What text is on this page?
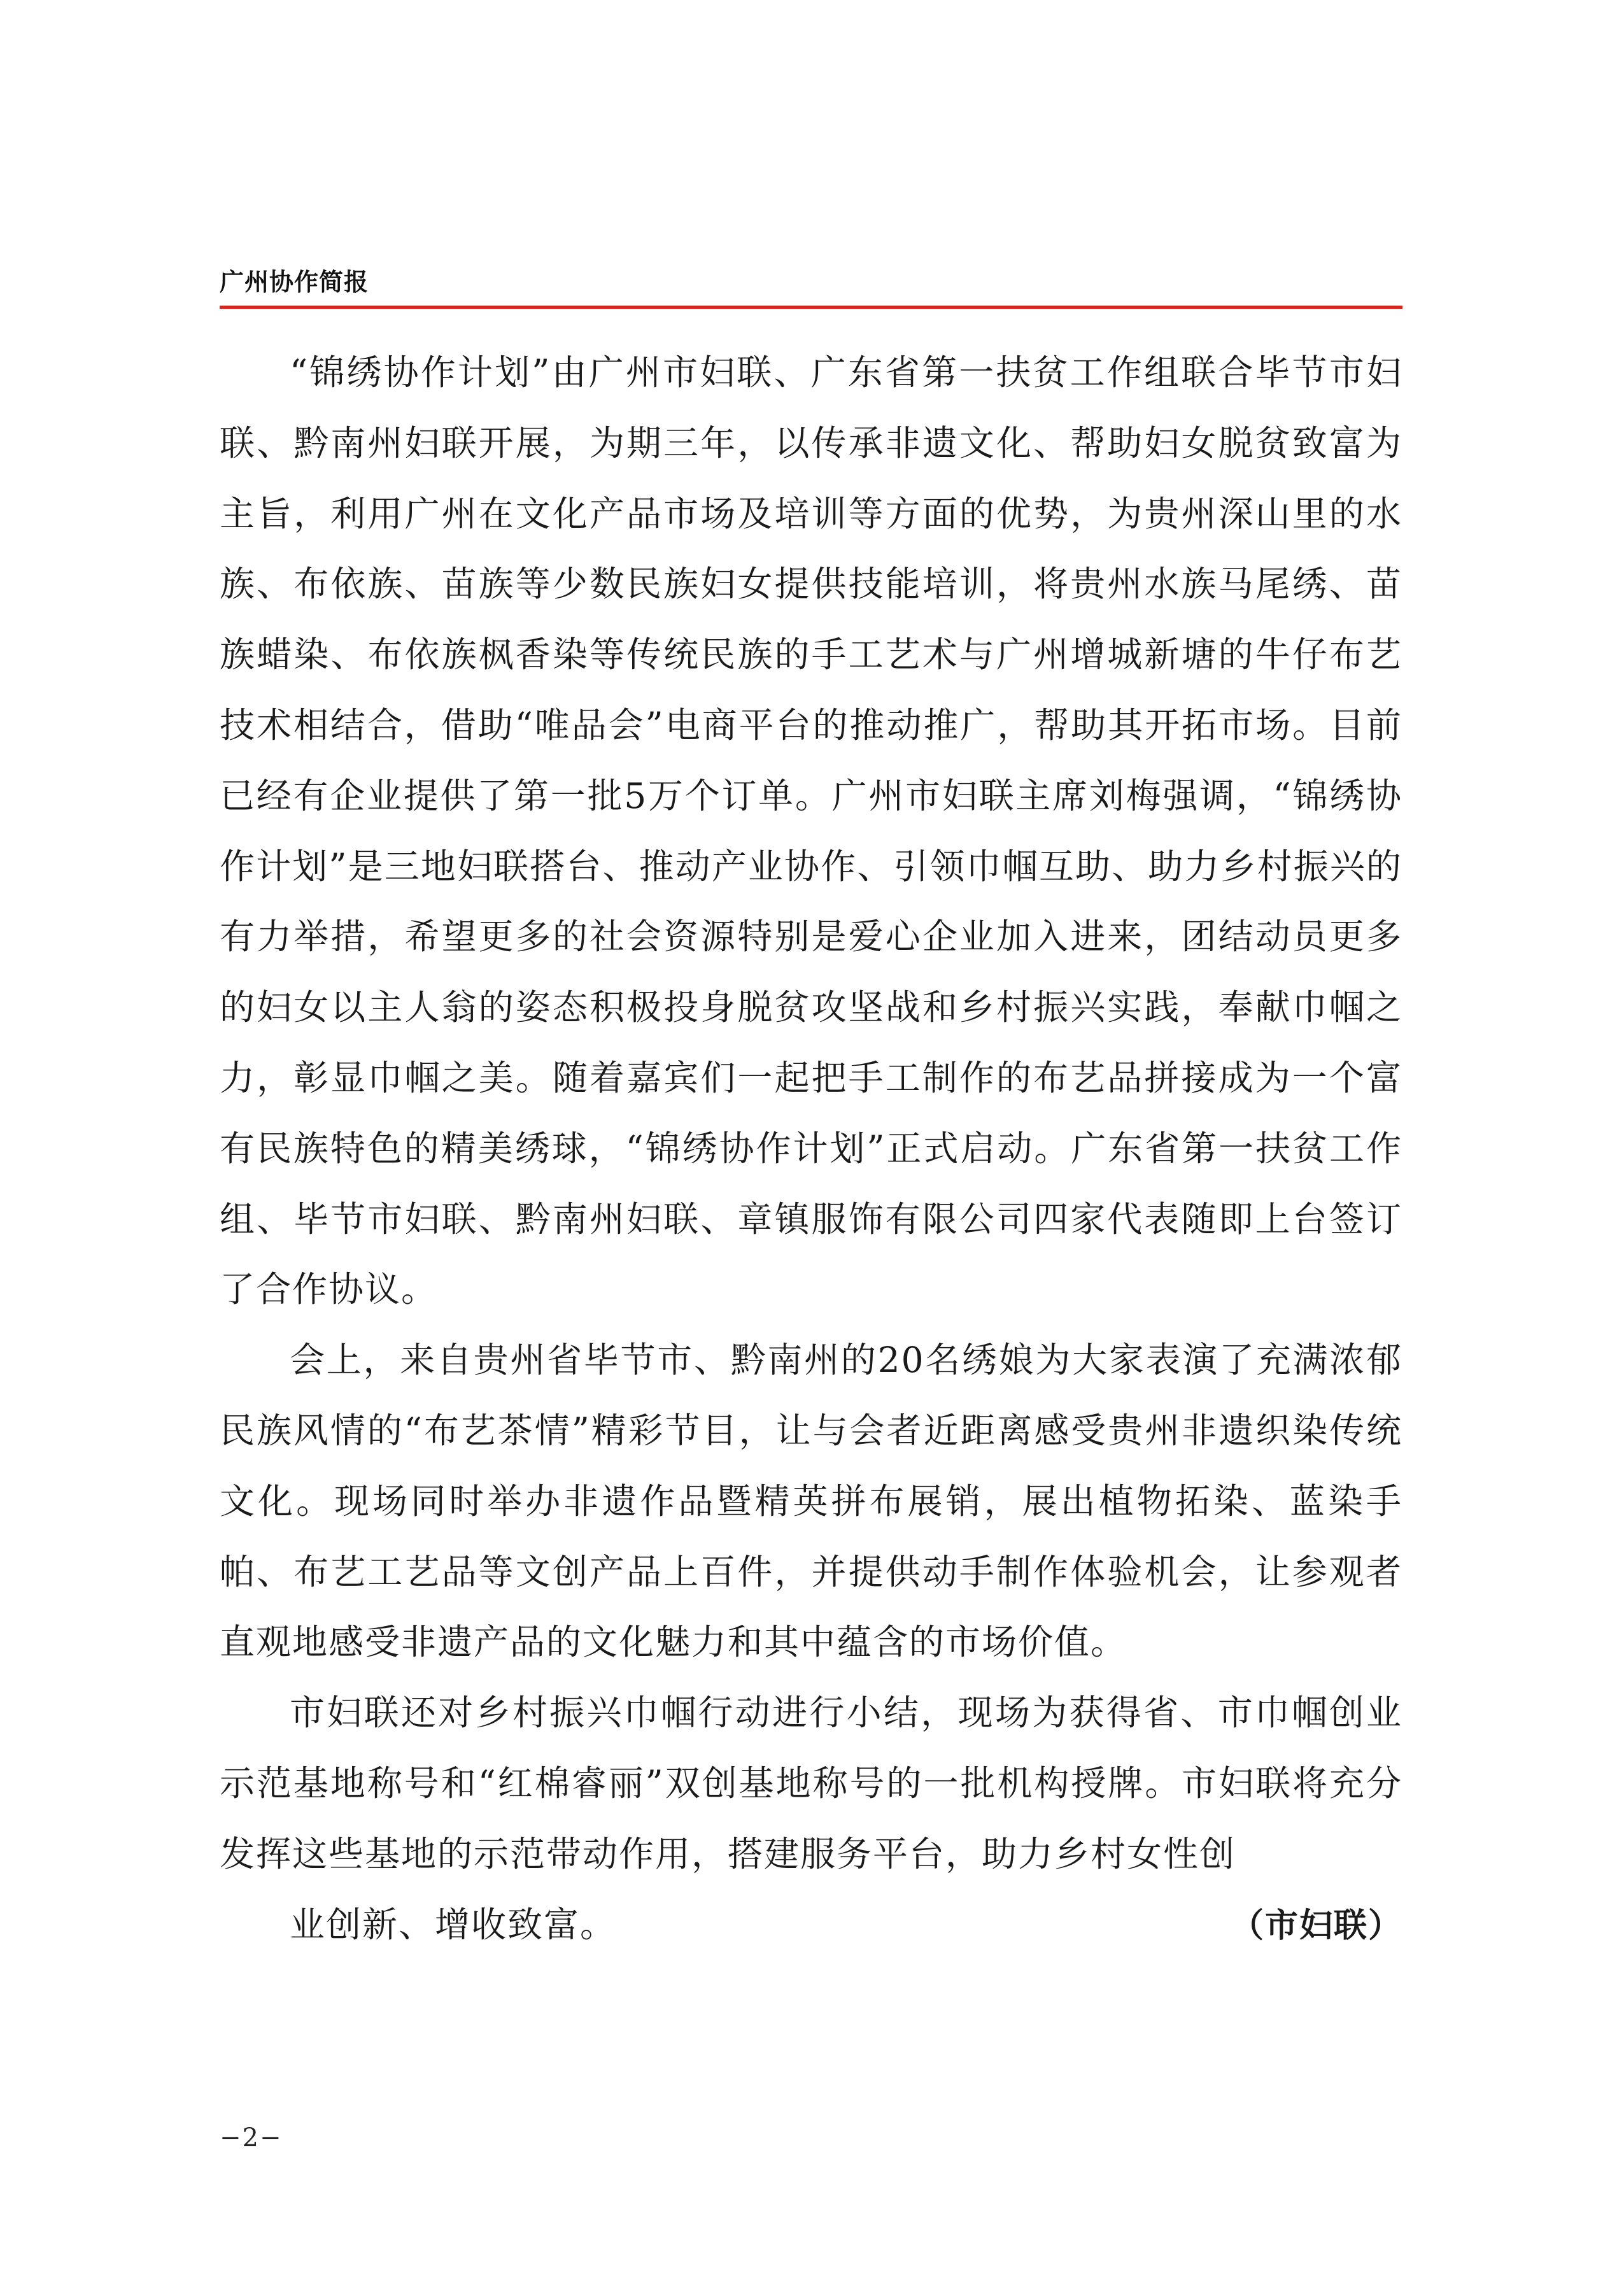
广州协作简报

“锦绣协作计划”由广州市妇联、广东省第一扶贫工作组联合毕节市妇联、黔南州妇联开展，为期三年，以传承非遗文化、帮助妇女脱贫致富为主旨，利用广州在文化产品市场及培训等方面的优势，为贵州深山里的水族、布依族、苗族等少数民族妇女提供技能培训，将贵州水族马尾绣、苗族蜡染、布依族枫香染等传统民族的手工艺术与广州增城新塘的牛仔布艺技术相结合，借助“唯品会”电商平台的推动推广，帮助其开拓市场。目前已经有企业提供了第一批5万个订单。广州市妇联主席刘梅强调，“锦绣协作计划”是三地妇联搭台、推动产业协作、引领巾帼互助、助力乡村振兴的有力举措，希望更多的社会资源特别是爱心企业加入进来，团结动员更多的妇女以主人翁的姿态积极投身脱贫攻坚战和乡村振兴实践，奉献巾帼之力，彰显巾帼之美。随着嘉宾们一起把手工制作的布艺品拼接成为一个富有民族特色的精美绣球，“锦绣协作计划”正式启动。广东省第一扶贫工作组、毕节市妇联、黔南州妇联、章镇服饰有限公司四家代表随即上台签订了合作协议。

会上，来自贵州省毕节市、黔南州的20名绣娘为大家表演了充满浓郁民族风情的“布艺茶情”精彩节目，让与会者近距离感受贵州非遗织染传统文化。现场同时举办非遗作品暨精英拼布展销，展出植物拓染、蓝染手帕、布艺工艺品等文创产品上百件，并提供动手制作体验机会，让参观者直观地感受非遗产品的文化魅力和其中蕴含的市场价值。

市妇联还对乡村振兴巾帼行动进行小结，现场为获得省、市巾帼创业示范基地称号和“红棉睿丽”双创基地称号的一批机构授牌。市妇联将充分发挥这些基地的示范带动作用，搭建服务平台，助力乡村女性创

业创新、增收致富。	（市妇联）
−2−
